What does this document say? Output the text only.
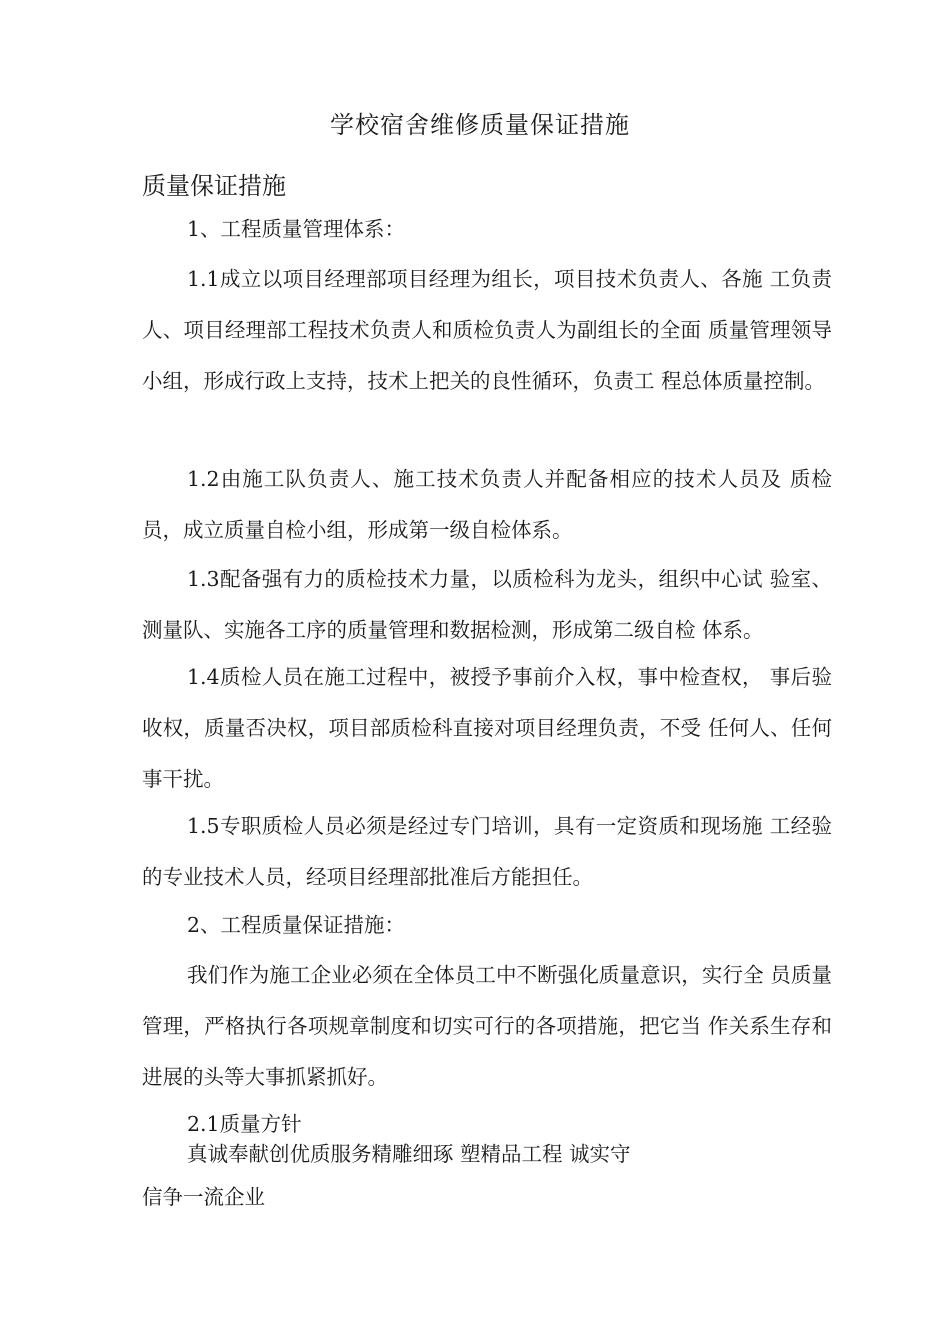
学校宿舍维修质量保证措施
质量保证措施

1、工程质量管理体系：

1.1成立以项目经理部项目经理为组长，项目技术负责人、各施 工负责人、项目经理部工程技术负责人和质检负责人为副组长的全面 质量管理领导小组，形成行政上支持，技术上把关的良性循环，负责工 程总体质量控制。

1.2由施工队负责人、施工技术负责人并配备相应的技术人员及 质检员，成立质量自检小组，形成第一级自检体系。

1.3配备强有力的质检技术力量，以质检科为龙头，组织中心试 验室、测量队、实施各工序的质量管理和数据检测，形成第二级自检 体系。

1.4质检人员在施工过程中，被授予事前介入权，事中检查权， 事后验收权，质量否决权，项目部质检科直接对项目经理负责，不受 任何人、任何事干扰。

1.5专职质检人员必须是经过专门培训，具有一定资质和现场施 工经验的专业技术人员，经项目经理部批准后方能担任。

2、工程质量保证措施：

我们作为施工企业必须在全体员工中不断强化质量意识，实行全 员质量管理，严格执行各项规章制度和切实可行的各项措施，把它当 作关系生存和进展的头等大事抓紧抓好。

2.1质量方针

真诚奉献创优质服务精雕细琢 塑精品工程 诚实守

信争一流企业
